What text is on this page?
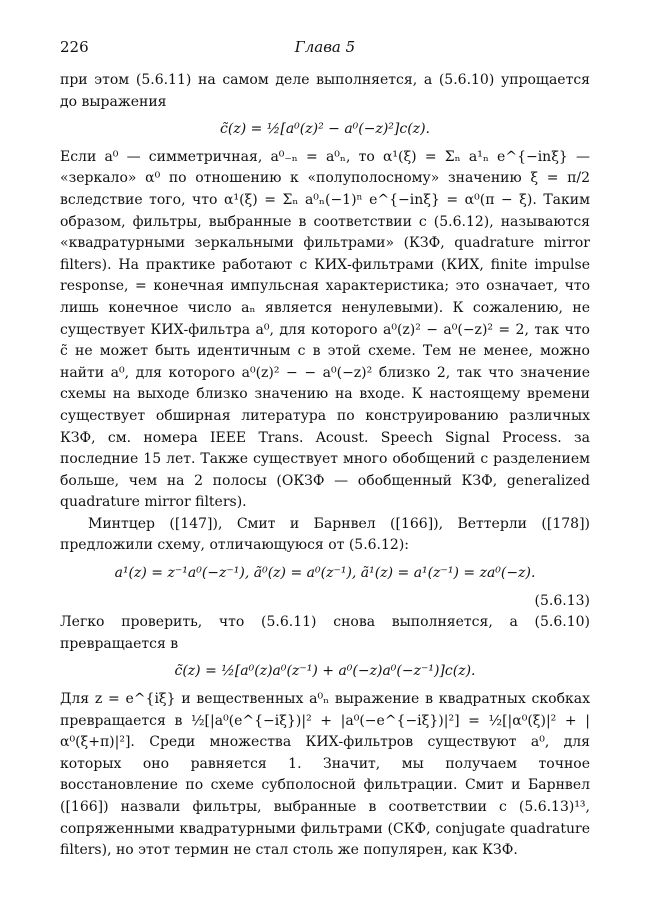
226	Глава 5

при этом (5.6.11) на самом деле выполняется, а (5.6.10) упрощается до выражения

c̃(z) = ½[a⁰(z)² − a⁰(−z)²]c(z).

Если a⁰ — симметричная, a⁰₋ₙ = a⁰ₙ, то α¹(ξ) = Σₙ a¹ₙ e^{−inξ} — «зеркало» α⁰ по отношению к «полуполосному» значению ξ = π/2 вследствие того, что α¹(ξ) = Σₙ a⁰ₙ(−1)ⁿ e^{−inξ} = α⁰(π − ξ). Таким образом, фильтры, выбранные в соответствии с (5.6.12), называются «квадратурными зеркальными фильтрами» (КЗФ, quadrature mirror filters). На практике работают с КИХ-фильтрами (КИХ, finite impulse response, = конечная импульсная характеристика; это означает, что лишь конечное число aₙ является ненулевыми). К сожалению, не существует КИХ-фильтра a⁰, для которого a⁰(z)² − a⁰(−z)² = 2, так что c̃ не может быть идентичным c в этой схеме. Тем не менее, можно найти a⁰, для которого a⁰(z)² − − a⁰(−z)² близко 2, так что значение схемы на выходе близко значению на входе. К настоящему времени существует обширная литература по конструированию различных КЗФ, см. номера IEEE Trans. Acoust. Speech Signal Process. за последние 15 лет. Также существует много обобщений с разделением больше, чем на 2 полосы (ОКЗФ — обобщенный КЗФ, generalized quadrature mirror filters).

Минтцер ([147]), Смит и Барнвел ([166]), Веттерли ([178]) предложили схему, отличающуюся от (5.6.12):

a¹(z) = z⁻¹a⁰(−z⁻¹), ã⁰(z) = a⁰(z⁻¹), ã¹(z) = a¹(z⁻¹) = za⁰(−z).
(5.6.13)

Легко проверить, что (5.6.11) снова выполняется, а (5.6.10) превращается в

c̃(z) = ½[a⁰(z)a⁰(z⁻¹) + a⁰(−z)a⁰(−z⁻¹)]c(z).

Для z = e^{iξ} и вещественных a⁰ₙ выражение в квадратных скобках превращается в ½[|a⁰(e^{−iξ})|² + |a⁰(−e^{−iξ})|²] = ½[|α⁰(ξ)|² + |α⁰(ξ+π)|²]. Среди множества КИХ-фильтров существуют a⁰, для которых оно равняется 1. Значит, мы получаем точное восстановление по схеме субполосной фильтрации. Смит и Барнвел ([166]) назвали фильтры, выбранные в соответствии с (5.6.13)¹³, сопряженными квадратурными фильтрами (СКФ, conjugate quadrature filters), но этот термин не стал столь же популярен, как КЗФ.
